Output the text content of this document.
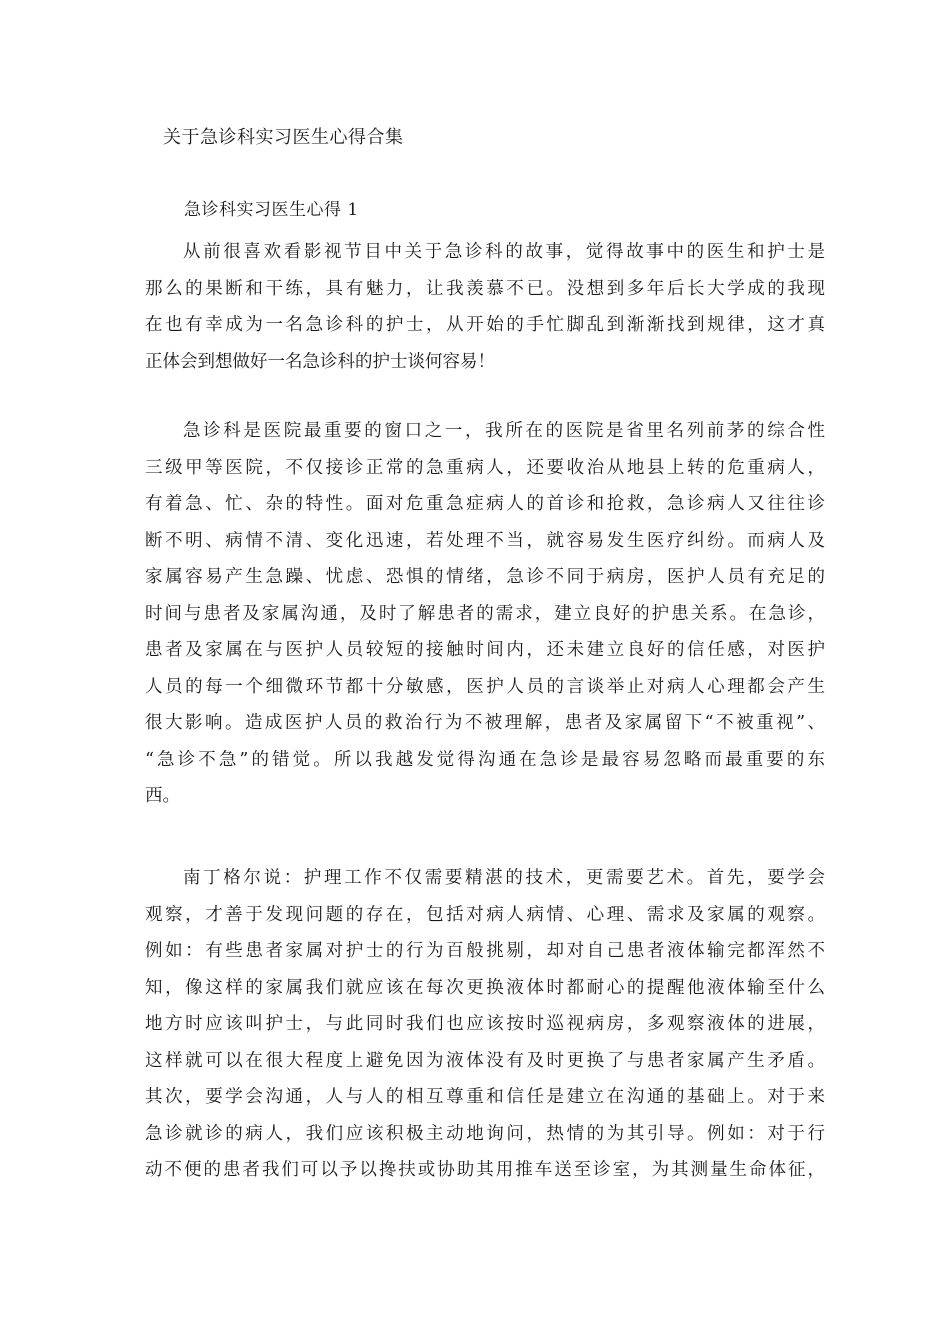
关于急诊科实习医生心得合集
急诊科实习医生心得 1
从前很喜欢看影视节目中关于急诊科的故事，觉得故事中的医生和护士是
那么的果断和干练，具有魅力，让我羡慕不已。没想到多年后长大学成的我现
在也有幸成为一名急诊科的护士，从开始的手忙脚乱到渐渐找到规律，这才真
正体会到想做好一名急诊科的护士谈何容易！
急诊科是医院最重要的窗口之一，我所在的医院是省里名列前茅的综合性
三级甲等医院，不仅接诊正常的急重病人，还要收治从地县上转的危重病人，
有着急、忙、杂的特性。面对危重急症病人的首诊和抢救，急诊病人又往往诊
断不明、病情不清、变化迅速，若处理不当，就容易发生医疗纠纷。而病人及
家属容易产生急躁、忧虑、恐惧的情绪，急诊不同于病房，医护人员有充足的
时间与患者及家属沟通，及时了解患者的需求，建立良好的护患关系。在急诊，
患者及家属在与医护人员较短的接触时间内，还未建立良好的信任感，对医护
人员的每一个细微环节都十分敏感，医护人员的言谈举止对病人心理都会产生
很大影响。造成医护人员的救治行为不被理解，患者及家属留下“不被重视”、
“急诊不急”的错觉。所以我越发觉得沟通在急诊是最容易忽略而最重要的东
西。
南丁格尔说：护理工作不仅需要精湛的技术，更需要艺术。首先，要学会
观察，才善于发现问题的存在，包括对病人病情、心理、需求及家属的观察。
例如：有些患者家属对护士的行为百般挑剔，却对自己患者液体输完都浑然不
知，像这样的家属我们就应该在每次更换液体时都耐心的提醒他液体输至什么
地方时应该叫护士，与此同时我们也应该按时巡视病房，多观察液体的进展，
这样就可以在很大程度上避免因为液体没有及时更换了与患者家属产生矛盾。
其次，要学会沟通，人与人的相互尊重和信任是建立在沟通的基础上。对于来
急诊就诊的病人，我们应该积极主动地询问，热情的为其引导。例如：对于行
动不便的患者我们可以予以搀扶或协助其用推车送至诊室，为其测量生命体征，
